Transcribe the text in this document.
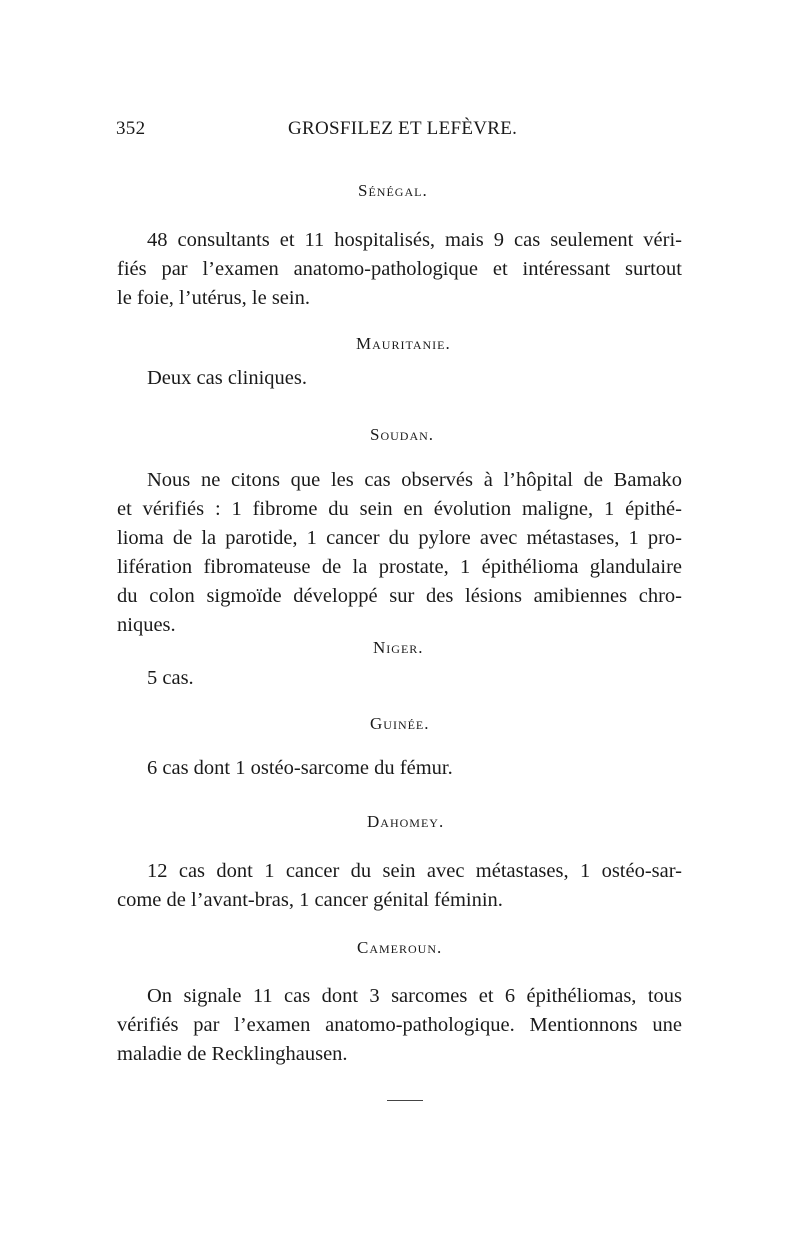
352	GROSFILEZ ET LEFÈVRE.
Sénégal.
48 consultants et 11 hospitalisés, mais 9 cas seulement véri-
fiés par l’examen anatomo-pathologique et intéressant surtout
le foie, l’utérus, le sein.
Mauritanie.
Deux cas cliniques.
Soudan.
Nous ne citons que les cas observés à l’hôpital de Bamako
et vérifiés : 1 fibrome du sein en évolution maligne, 1 épithé-
lioma de la parotide, 1 cancer du pylore avec métastases, 1 pro-
lifération fibromateuse de la prostate, 1 épithélioma glandulaire
du colon sigmoïde développé sur des lésions amibiennes chro-
niques.
Niger.
5 cas.
Guinée.
6 cas dont 1 ostéo-sarcome du fémur.
Dahomey.
12 cas dont 1 cancer du sein avec métastases, 1 ostéo-sar-
come de l’avant-bras, 1 cancer génital féminin.
Cameroun.
On signale 11 cas dont 3 sarcomes et 6 épithéliomas, tous
vérifiés par l’examen anatomo-pathologique. Mentionnons une
maladie de Recklinghausen.
